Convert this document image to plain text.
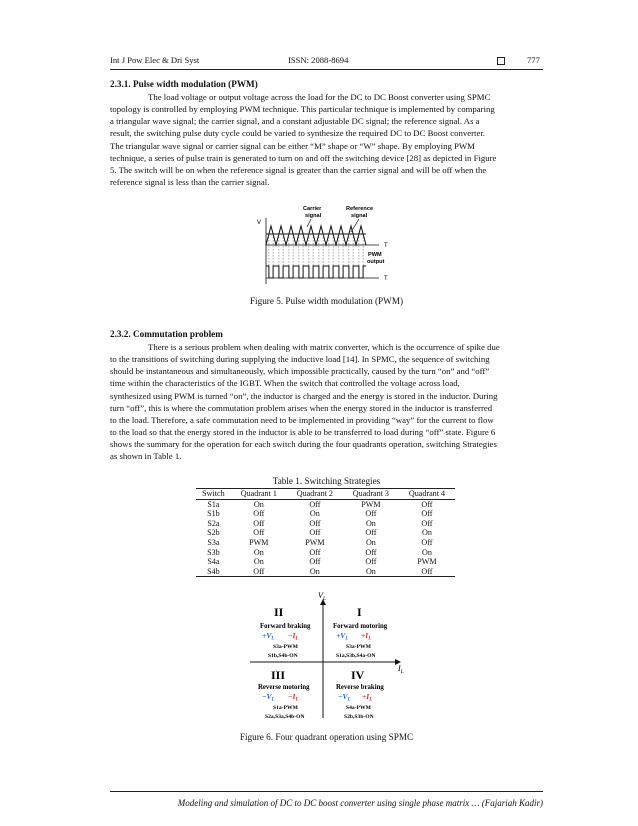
Int J Pow Elec & Dri Syst	ISSN: 2088-8694	777
2.3.1. Pulse width modulation (PWM)
The load voltage or output voltage across the load for the DC to DC Boost converter using SPMC
topology is controlled by employing PWM technique. This particular technique is implemented by comparing
a triangular wave signal; the carrier signal, and a constant adjustable DC signal; the reference signal. As a
result, the switching pulse duty cycle could be varied to synthesize the required DC to DC Boost converter.
The triangular wave signal or carrier signal can be either “M” shape or “W” shape. By employing PWM
technique, a series of pulse train is generated to turn on and off the switching device [28] as depicted in Figure
5. The switch will be on when the reference signal is greater than the carrier signal and will be off when the
reference signal is less than the carrier signal.
Carrier
signal
Reference
signal
V
T
T
PWM
output
Figure 5. Pulse width modulation (PWM)
2.3.2. Commutation problem
There is a serious problem when dealing with matrix converter, which is the occurrence of spike due
to the transitions of switching during supplying the inductive load [14]. In SPMC, the sequence of switching
should be instantaneous and simultaneously, which impossible practically, caused by the turn “on” and “off”
time within the characteristics of the IGBT. When the switch that controlled the voltage across load,
synthesized using PWM is turned “on”, the inductor is charged and the energy is stored in the inductor. During
turn “off”, this is where the commutation problem arises when the energy stored in the inductor is transferred
to the load. Therefore, a safe commutation need to be implemented in providing “way” for the current to flow
to the load so that the energy stored in the inductor is able to be transferred to load during “off” state. Figure 6
shows the summary for the operation for each switch during the four quadrants operation, switching Strategies
as shown in Table 1.
Table 1. Switching Strategies
Switch	Quadrant 1	Quadrant 2	Quadrant 3	Quadrant 4
S1a	On	Off	PWM	Off
S1b	Off	On	Off	Off
S2a	Off	Off	On	Off
S2b	Off	Off	Off	On
S3a	PWM	PWM	On	Off
S3b	On	Off	Off	On
S4a	On	Off	Off	PWM
S4b	Off	On	On	Off
$V_L$
$I_L$
II
Forward braking
$+V_L -I_L$
S3a-PWM
S1b,S4b-ON
I
Forward motoring
$+V_L +I_L$
S3a-PWM
S1a,S3b,S4a-ON
III
Reverse motoring
$-V_L -I_L$
S1a-PWM
S2a,S3a,S4b-ON
IV
Reverse braking
$-V_L +I_L$
S4a-PWM
S2b,S3b-ON
Figure 6. Four quadrant operation using SPMC
Modeling and simulation of DC to DC boost converter using single phase matrix … (Fajariah Kadir)
